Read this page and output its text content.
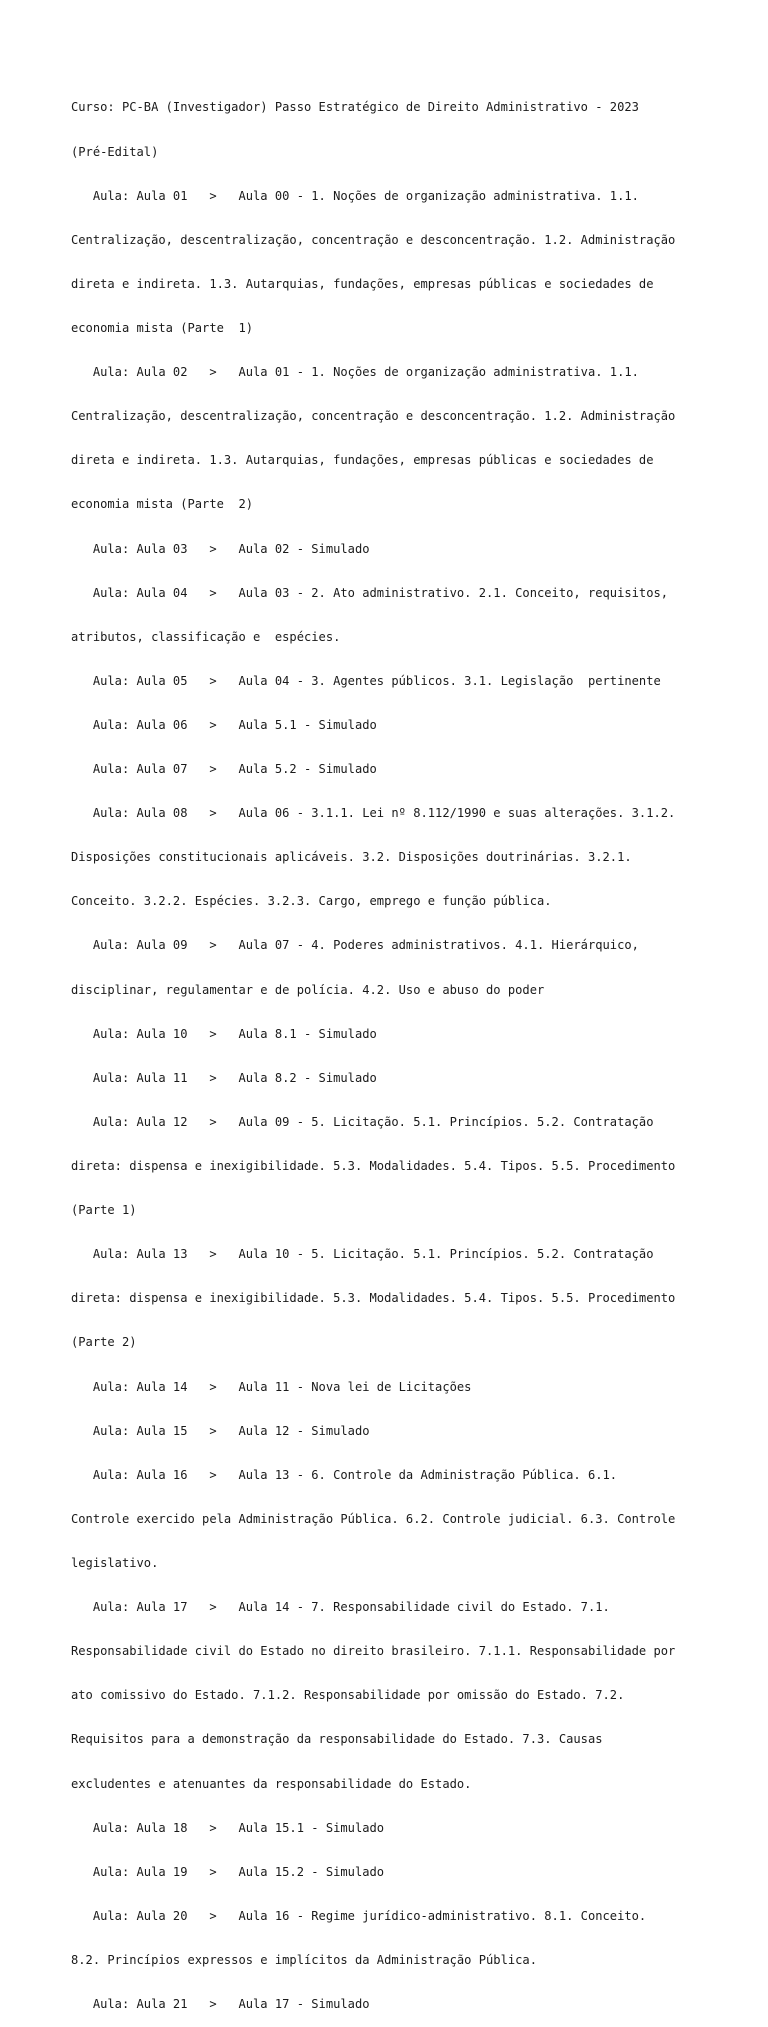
Curso: PC-BA (Investigador) Passo Estratégico de Direito Administrativo - 2023

(Pré-Edital)

Aula: Aula 01   >   Aula 00 - 1. Noções de organização administrativa. 1.1.

Centralização, descentralização, concentração e desconcentração. 1.2. Administração

direta e indireta. 1.3. Autarquias, fundações, empresas públicas e sociedades de

economia mista (Parte  1)

Aula: Aula 02   >   Aula 01 - 1. Noções de organização administrativa. 1.1.

Centralização, descentralização, concentração e desconcentração. 1.2. Administração

direta e indireta. 1.3. Autarquias, fundações, empresas públicas e sociedades de

economia mista (Parte  2)

Aula: Aula 03   >   Aula 02 - Simulado

Aula: Aula 04   >   Aula 03 - 2. Ato administrativo. 2.1. Conceito, requisitos,

atributos, classificação e  espécies.

Aula: Aula 05   >   Aula 04 - 3. Agentes públicos. 3.1. Legislação  pertinente

Aula: Aula 06   >   Aula 5.1 - Simulado

Aula: Aula 07   >   Aula 5.2 - Simulado

Aula: Aula 08   >   Aula 06 - 3.1.1. Lei nº 8.112/1990 e suas alterações. 3.1.2.

Disposições constitucionais aplicáveis. 3.2. Disposições doutrinárias. 3.2.1.

Conceito. 3.2.2. Espécies. 3.2.3. Cargo, emprego e função pública.

Aula: Aula 09   >   Aula 07 - 4. Poderes administrativos. 4.1. Hierárquico,

disciplinar, regulamentar e de polícia. 4.2. Uso e abuso do poder

Aula: Aula 10   >   Aula 8.1 - Simulado

Aula: Aula 11   >   Aula 8.2 - Simulado

Aula: Aula 12   >   Aula 09 - 5. Licitação. 5.1. Princípios. 5.2. Contratação

direta: dispensa e inexigibilidade. 5.3. Modalidades. 5.4. Tipos. 5.5. Procedimento

(Parte 1)

Aula: Aula 13   >   Aula 10 - 5. Licitação. 5.1. Princípios. 5.2. Contratação

direta: dispensa e inexigibilidade. 5.3. Modalidades. 5.4. Tipos. 5.5. Procedimento

(Parte 2)

Aula: Aula 14   >   Aula 11 - Nova lei de Licitações

Aula: Aula 15   >   Aula 12 - Simulado

Aula: Aula 16   >   Aula 13 - 6. Controle da Administração Pública. 6.1.

Controle exercido pela Administração Pública. 6.2. Controle judicial. 6.3. Controle

legislativo.

Aula: Aula 17   >   Aula 14 - 7. Responsabilidade civil do Estado. 7.1.

Responsabilidade civil do Estado no direito brasileiro. 7.1.1. Responsabilidade por

ato comissivo do Estado. 7.1.2. Responsabilidade por omissão do Estado. 7.2.

Requisitos para a demonstração da responsabilidade do Estado. 7.3. Causas

excludentes e atenuantes da responsabilidade do Estado.

Aula: Aula 18   >   Aula 15.1 - Simulado

Aula: Aula 19   >   Aula 15.2 - Simulado

Aula: Aula 20   >   Aula 16 - Regime jurídico-administrativo. 8.1. Conceito.

8.2. Princípios expressos e implícitos da Administração Pública.

Aula: Aula 21   >   Aula 17 - Simulado
